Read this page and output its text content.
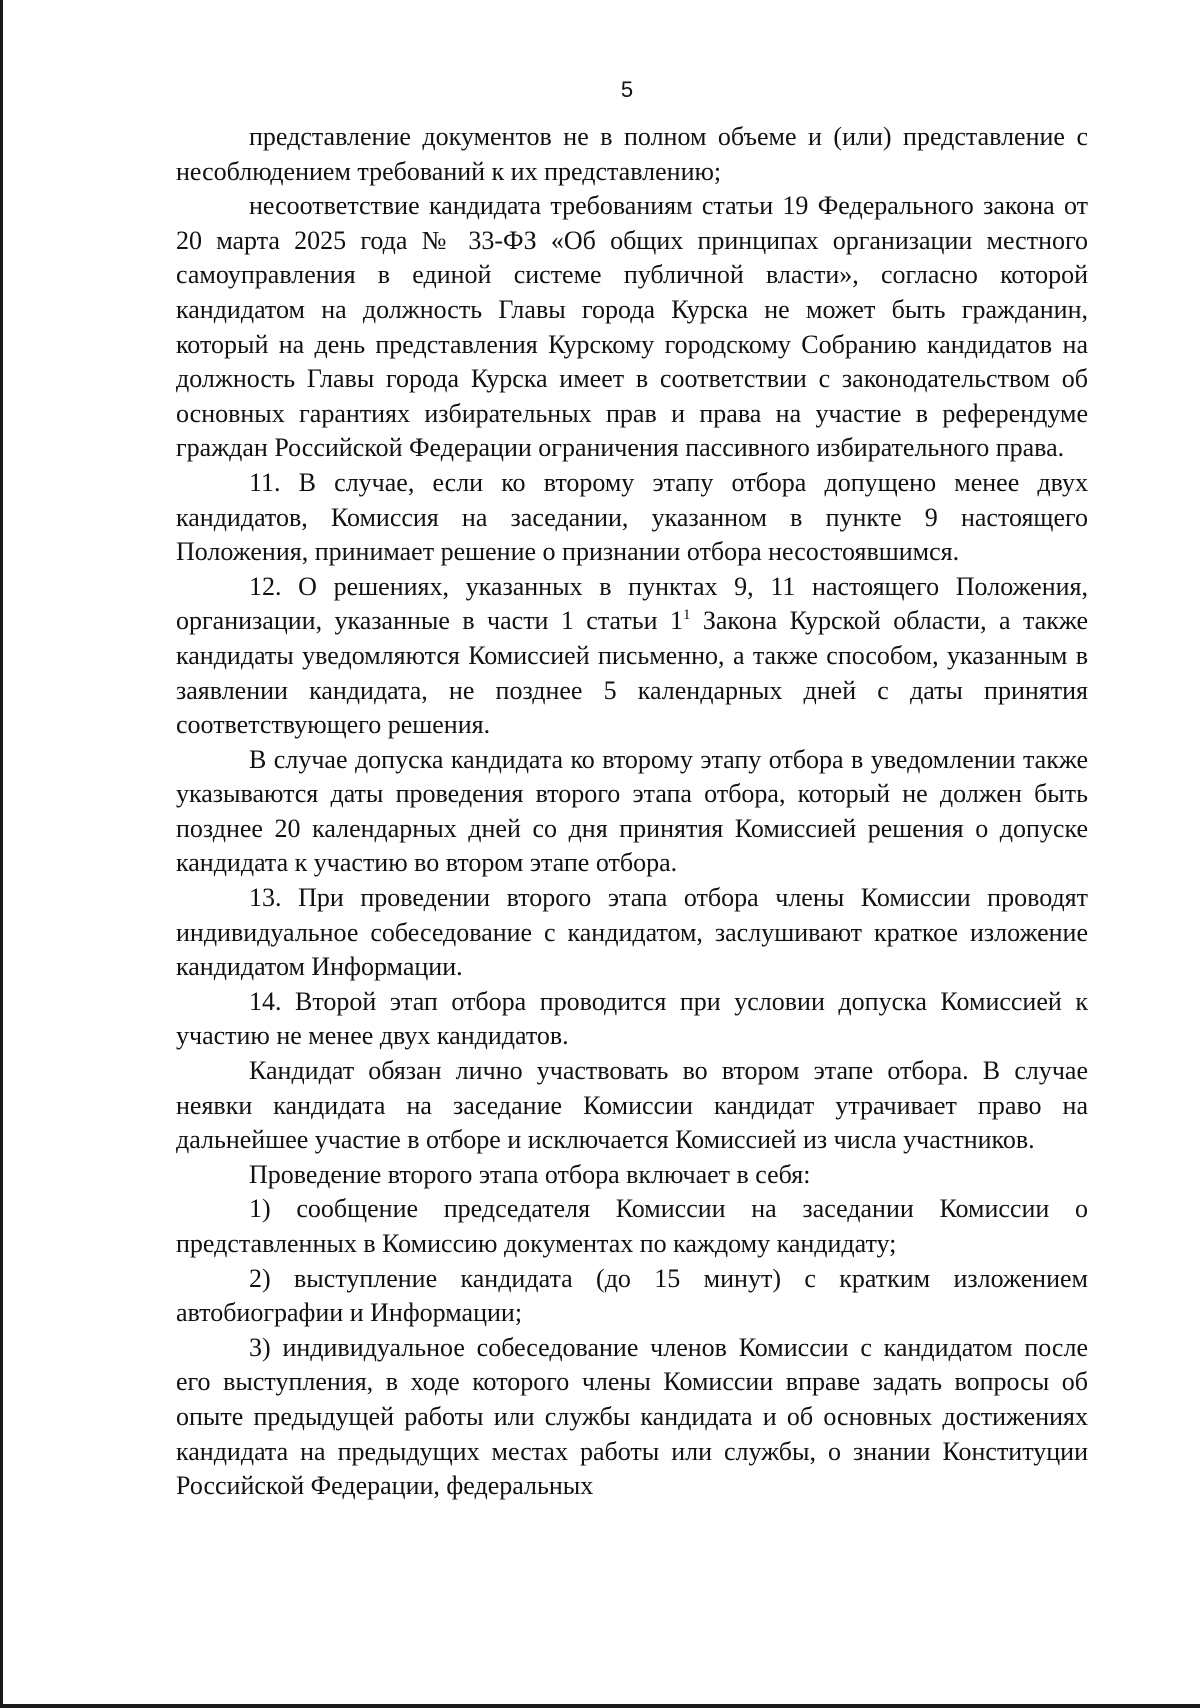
5

представление документов не в полном объеме и (или) представление с несоблюдением требований к их представлению;

несоответствие кандидата требованиям статьи 19 Федерального закона от 20 марта 2025 года № 33-ФЗ «Об общих принципах организации местного самоуправления в единой системе публичной власти», согласно которой кандидатом на должность Главы города Курска не может быть гражданин, который на день представления Курскому городскому Собранию кандидатов на должность Главы города Курска имеет в соответствии с законодательством об основных гарантиях избирательных прав и права на участие в референдуме граждан Российской Федерации ограничения пассивного избирательного права.

11. В случае, если ко второму этапу отбора допущено менее двух кандидатов, Комиссия на заседании, указанном в пункте 9 настоящего Положения, принимает решение о признании отбора несостоявшимся.

12. О решениях, указанных в пунктах 9, 11 настоящего Положения, организации, указанные в части 1 статьи $1^1$ Закона Курской области, а также кандидаты уведомляются Комиссией письменно, а также способом, указанным в заявлении кандидата, не позднее 5 календарных дней с даты принятия соответствующего решения.

В случае допуска кандидата ко второму этапу отбора в уведомлении также указываются даты проведения второго этапа отбора, который не должен быть позднее 20 календарных дней со дня принятия Комиссией решения о допуске кандидата к участию во втором этапе отбора.

13. При проведении второго этапа отбора члены Комиссии проводят индивидуальное собеседование с кандидатом, заслушивают краткое изложение кандидатом Информации.

14. Второй этап отбора проводится при условии допуска Комиссией к участию не менее двух кандидатов.

Кандидат обязан лично участвовать во втором этапе отбора. В случае неявки кандидата на заседание Комиссии кандидат утрачивает право на дальнейшее участие в отборе и исключается Комиссией из числа участников.

Проведение второго этапа отбора включает в себя:

1) сообщение председателя Комиссии на заседании Комиссии о представленных в Комиссию документах по каждому кандидату;

2) выступление кандидата (до 15 минут) с кратким изложением автобиографии и Информации;

3) индивидуальное собеседование членов Комиссии с кандидатом после его выступления, в ходе которого члены Комиссии вправе задать вопросы об опыте предыдущей работы или службы кандидата и об основных достижениях кандидата на предыдущих местах работы или службы, о знании Конституции Российской Федерации, федеральных
